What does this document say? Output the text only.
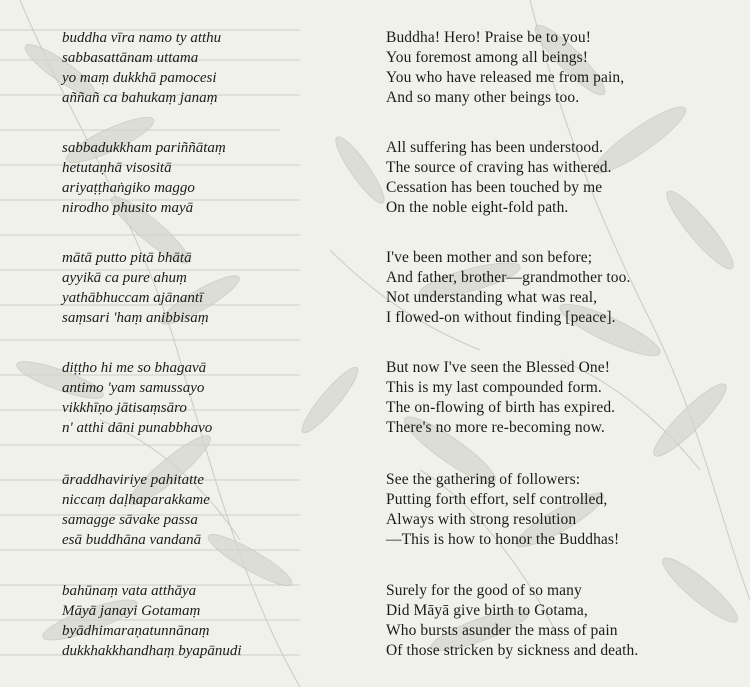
buddha vīra namo ty atthu
sabbasattānam uttama
yo maṃ dukkhā pamocesi
aññañ ca bahukaṃ janaṃ
Buddha! Hero! Praise be to you!
You foremost among all beings!
You who have released me from pain,
And so many other beings too.
sabbadukkham pariññātaṃ
hetutaṇhā visositā
ariyaṭṭhaṅgiko maggo
nirodho phusito mayā
All suffering has been understood.
The source of craving has withered.
Cessation has been touched by me
On the noble eight-fold path.
mātā putto pitā bhātā
ayyikā ca pure ahuṃ
yathābhuccam ajānantī
saṃsari 'haṃ anibbisaṃ
I've been mother and son before;
And father, brother—grandmother too.
Not understanding what was real,
I flowed-on without finding [peace].
diṭṭho hi me so bhagavā
antimo 'yam samussayo
vikkhīṇo jātisaṃsāro
n' atthi dāni punabbhavo
But now I've seen the Blessed One!
This is my last compounded form.
The on-flowing of birth has expired.
There's no more re-becoming now.
āraddhaviriye pahitatte
niccaṃ daḷhaparakkame
samagge sāvake passa
esā buddhāna vandanā
See the gathering of followers:
Putting forth effort, self controlled,
Always with strong resolution
—This is how to honor the Buddhas!
bahūnaṃ vata atthāya
Māyā janayi Gotamaṃ
byādhimaraṇatunnānaṃ
dukkhakkhandhaṃ byapānudi
Surely for the good of so many
Did Māyā give birth to Gotama,
Who bursts asunder the mass of pain
Of those stricken by sickness and death.
